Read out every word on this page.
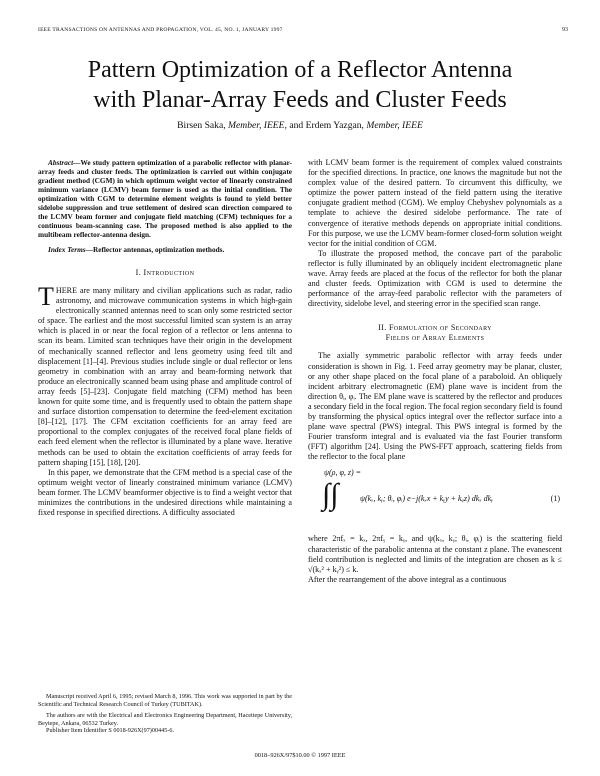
IEEE TRANSACTIONS ON ANTENNAS AND PROPAGATION, VOL. 45, NO. 1, JANUARY 1997	93
Pattern Optimization of a Reflector Antenna
with Planar-Array Feeds and Cluster Feeds
Birsen Saka, Member, IEEE, and Erdem Yazgan, Member, IEEE

Abstract—We study pattern optimization of a parabolic reflector with planar-array feeds and cluster feeds. The optimization is carried out within conjugate gradient method (CGM) in which optimum weight vector of linearly constrained minimum variance (LCMV) beam former is used as the initial condition. The optimization with CGM to determine element weights is found to yield better sidelobe suppression and true settlement of desired scan direction compared to the LCMV beam former and conjugate field matching (CFM) techniques for a continuous beam-scanning case. The proposed method is also applied to the multibeam reflector-antenna design.

Index Terms—Reflector antennas, optimization methods.

I. Introduction

THERE are many military and civilian applications such as radar, radio astronomy, and microwave communication systems in which high-gain electronically scanned antennas need to scan only some restricted sector of space. The earliest and the most successful limited scan system is an array which is placed in or near the focal region of a reflector or lens antenna to scan its beam. Limited scan techniques have their origin in the development of mechanically scanned reflector and lens geometry using feed tilt and displacement [1]–[4]. Previous studies include single or dual reflector or lens geometry in combination with an array and beam-forming network that produce an electronically scanned beam using phase and amplitude control of array feeds [5]–[23]. Conjugate field matching (CFM) method has been known for quite some time, and is frequently used to obtain the pattern shape and surface distortion compensation to determine the feed-element excitation [8]–[12], [17]. The CFM excitation coefficients for an array feed are proportional to the complex conjugates of the received focal plane fields of each feed element when the reflector is illuminated by a plane wave. Iterative methods can be used to obtain the excitation coefficients of array feeds for pattern shaping [15], [18], [20].

In this paper, we demonstrate that the CFM method is a special case of the optimum weight vector of linearly constrained minimum variance (LCMV) beam former. The LCMV beamformer objective is to find a weight vector that minimizes the contributions in the undesired directions while maintaining a fixed response in specified directions. A difficulty associated

Manuscript received April 6, 1995; revised March 8, 1996. This work was supported in part by the Scientific and Technical Research Council of Turkey (TUBITAK).

The authors are with the Electrical and Electronics Engineering Department, Hacettepe University, Beytepe, Ankara, 06532 Turkey.

Publisher Item Identifier S 0018-926X(97)00445-6.

with LCMV beam former is the requirement of complex valued constraints for the specified directions. In practice, one knows the magnitude but not the complex value of the desired pattern. To circumvent this difficulty, we optimize the power pattern instead of the field pattern using the iterative conjugate gradient method (CGM). We employ Chebyshev polynomials as a template to achieve the desired sidelobe performance. The rate of convergence of iterative methods depends on appropriate initial conditions. For this purpose, we use the LCMV beam-former closed-form solution weight vector for the initial condition of CGM.

To illustrate the proposed method, the concave part of the parabolic reflector is fully illuminated by an obliquely incident electromagnetic plane wave. Array feeds are placed at the focus of the reflector for both the planar and cluster feeds. Optimization with CGM is used to determine the performance of the array-feed parabolic reflector with the parameters of directivity, sidelobe level, and steering error in the specified scan range.

II. Formulation of Secondary
Fields of Array Elements

The axially symmetric parabolic reflector with array feeds under consideration is shown in Fig. 1. Feed array geometry may be planar, cluster, or any other shape placed on the focal plane of a paraboloid. An obliquely incident arbitrary electromagnetic (EM) plane wave is incident from the direction θᵢ, φᵢ. The EM plane wave is scattered by the reflector and produces a secondary field in the focal region. The focal region secondary field is found by transforming the physical optics integral over the reflector surface into a plane wave spectral (PWS) integral. This PWS integral is formed by the Fourier transform integral and is evaluated via the fast Fourier transform (FFT) algorithm [24]. Using the PWS-FFT approach, scattering fields from the reflector to the focal plane

ψ(ρ, φ, z) =
∫∫	ψ(kₓ, kᵧ; θᵢ, φᵢ) e−j(kₓx + kᵧy + kᵩz) dkₓ dkᵧ	(1)

where 2πfₓ = kₓ, 2πfᵧ = kᵧ, and ψ(kₓ, kᵧ; θᵢ, φᵢ) is the scattering field characteristic of the parabolic antenna at the constant z plane. The evanescent field contribution is neglected and limits of the integration are chosen as k ≤ √(kₓ² + kᵧ²) ≤ k.

After the rearrangement of the above integral as a continuous

0018–926X/97$10.00 © 1997 IEEE
